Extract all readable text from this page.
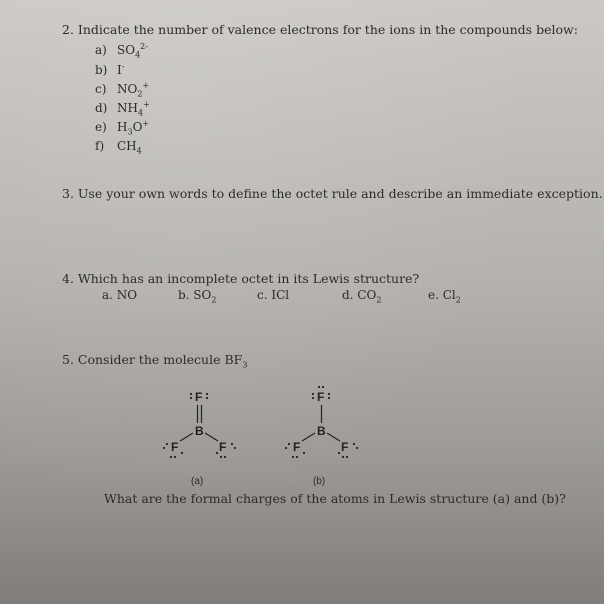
2. Indicate the number of valence electrons for the ions in the compounds below:
a) $SO_4^{2-}$
b) I-
c) $NO_2^+$
d) $NH_4^+$
e) $H_3O^+$
f) $CH_4$
3. Use your own words to define the octet rule and describe an immediate exception.
4. Which has an incomplete octet in its Lewis structure?
a. NO	b. $SO_2$	c. ICl	d. $CO_2$	e. $Cl_2$
5. Consider the molecule $BF_3$
F
B
F	F
F
B
F	F
(a)	(b)
What are the formal charges of the atoms in Lewis structure (a) and (b)?
